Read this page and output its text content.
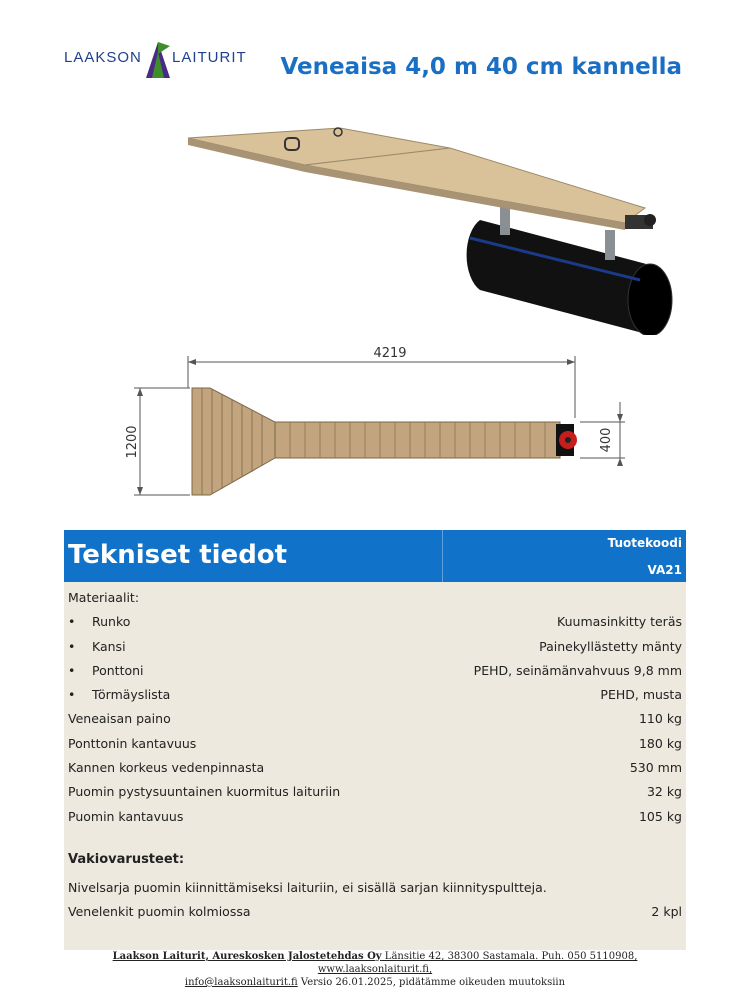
LAAKSON LAITURIT Veneaisa 4,0 m 40 cm kannella
4219
1200	400
Tekniset tiedot	Tuotekoodi
VA21
Materiaalit:
• Runko	Kuumasinkitty teräs
• Kansi	Painekyllästetty mänty
• Ponttoni	PEHD, seinämänvahvuus 9,8 mm
• Törmäyslista	PEHD, musta
Veneaisan paino	110 kg
Ponttonin kantavuus	180 kg
Kannen korkeus vedenpinnasta	530 mm
Puomin pystysuuntainen kuormitus laituriin	32 kg
Puomin kantavuus	105 kg
Vakiovarusteet:
Nivelsarja puomin kiinnittämiseksi laituriin, ei sisällä sarjan kiinnityspultteja.
Venelenkit puomin kolmiossa	2 kpl
Laakson Laiturit, Aureskosken Jalostetehdas Oy Länsitie 42, 38300 Sastamala. Puh. 050 5110908, www.laaksonlaiturit.fi,
info@laaksonlaiturit.fi Versio 26.01.2025, pidätämme oikeuden muutoksiin
